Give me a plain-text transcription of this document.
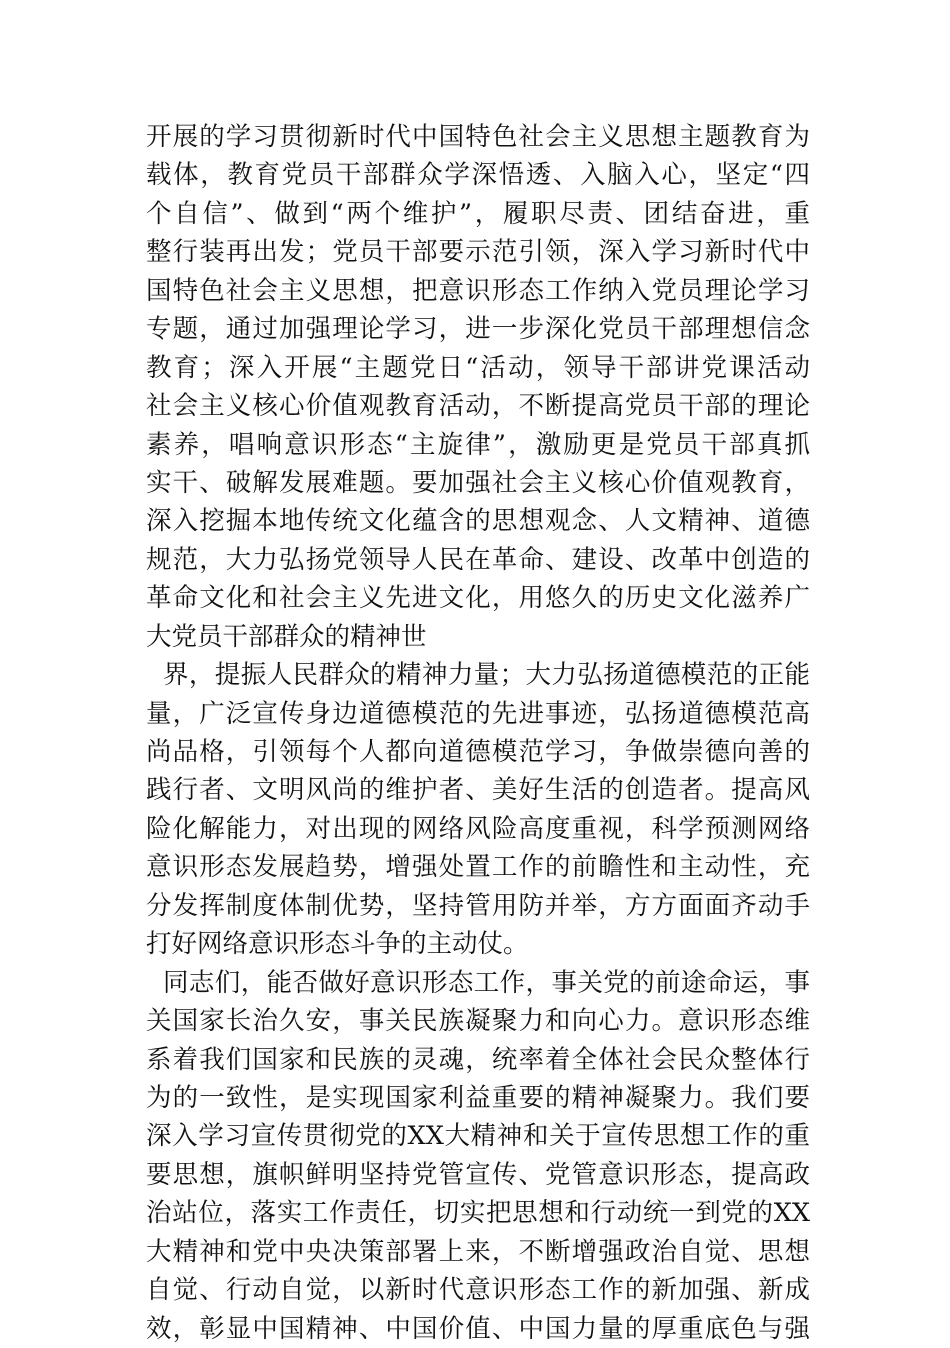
开展的学习贯彻新时代中国特色社会主义思想主题教育为
载体，教育党员干部群众学深悟透、入脑入心，坚定“四
个自信”、做到“两个维护”，履职尽责、团结奋进，重
整行装再出发；党员干部要示范引领，深入学习新时代中
国特色社会主义思想，把意识形态工作纳入党员理论学习
专题，通过加强理论学习，进一步深化党员干部理想信念
教育；深入开展“主题党日“活动，领导干部讲党课活动
社会主义核心价值观教育活动，不断提高党员干部的理论
素养，唱响意识形态“主旋律”，激励更是党员干部真抓
实干、破解发展难题。要加强社会主义核心价值观教育，
深入挖掘本地传统文化蕴含的思想观念、人文精神、道德
规范，大力弘扬党领导人民在革命、建设、改革中创造的
革命文化和社会主义先进文化，用悠久的历史文化滋养广
大党员干部群众的精神世
界，提振人民群众的精神力量；大力弘扬道德模范的正能
量，广泛宣传身边道德模范的先进事迹，弘扬道德模范高
尚品格，引领每个人都向道德模范学习，争做崇德向善的
践行者、文明风尚的维护者、美好生活的创造者。提高风
险化解能力，对出现的网络风险高度重视，科学预测网络
意识形态发展趋势，增强处置工作的前瞻性和主动性，充
分发挥制度体制优势，坚持管用防并举，方方面面齐动手
打好网络意识形态斗争的主动仗。
同志们，能否做好意识形态工作，事关党的前途命运，事
关国家长治久安，事关民族凝聚力和向心力。意识形态维
系着我们国家和民族的灵魂，统率着全体社会民众整体行
为的一致性，是实现国家利益重要的精神凝聚力。我们要
深入学习宣传贯彻党的XX大精神和关于宣传思想工作的重
要思想，旗帜鲜明坚持党管宣传、党管意识形态，提高政
治站位，落实工作责任，切实把思想和行动统一到党的XX
大精神和党中央决策部署上来，不断增强政治自觉、思想
自觉、行动自觉，以新时代意识形态工作的新加强、新成
效，彰显中国精神、中国价值、中国力量的厚重底色与强
